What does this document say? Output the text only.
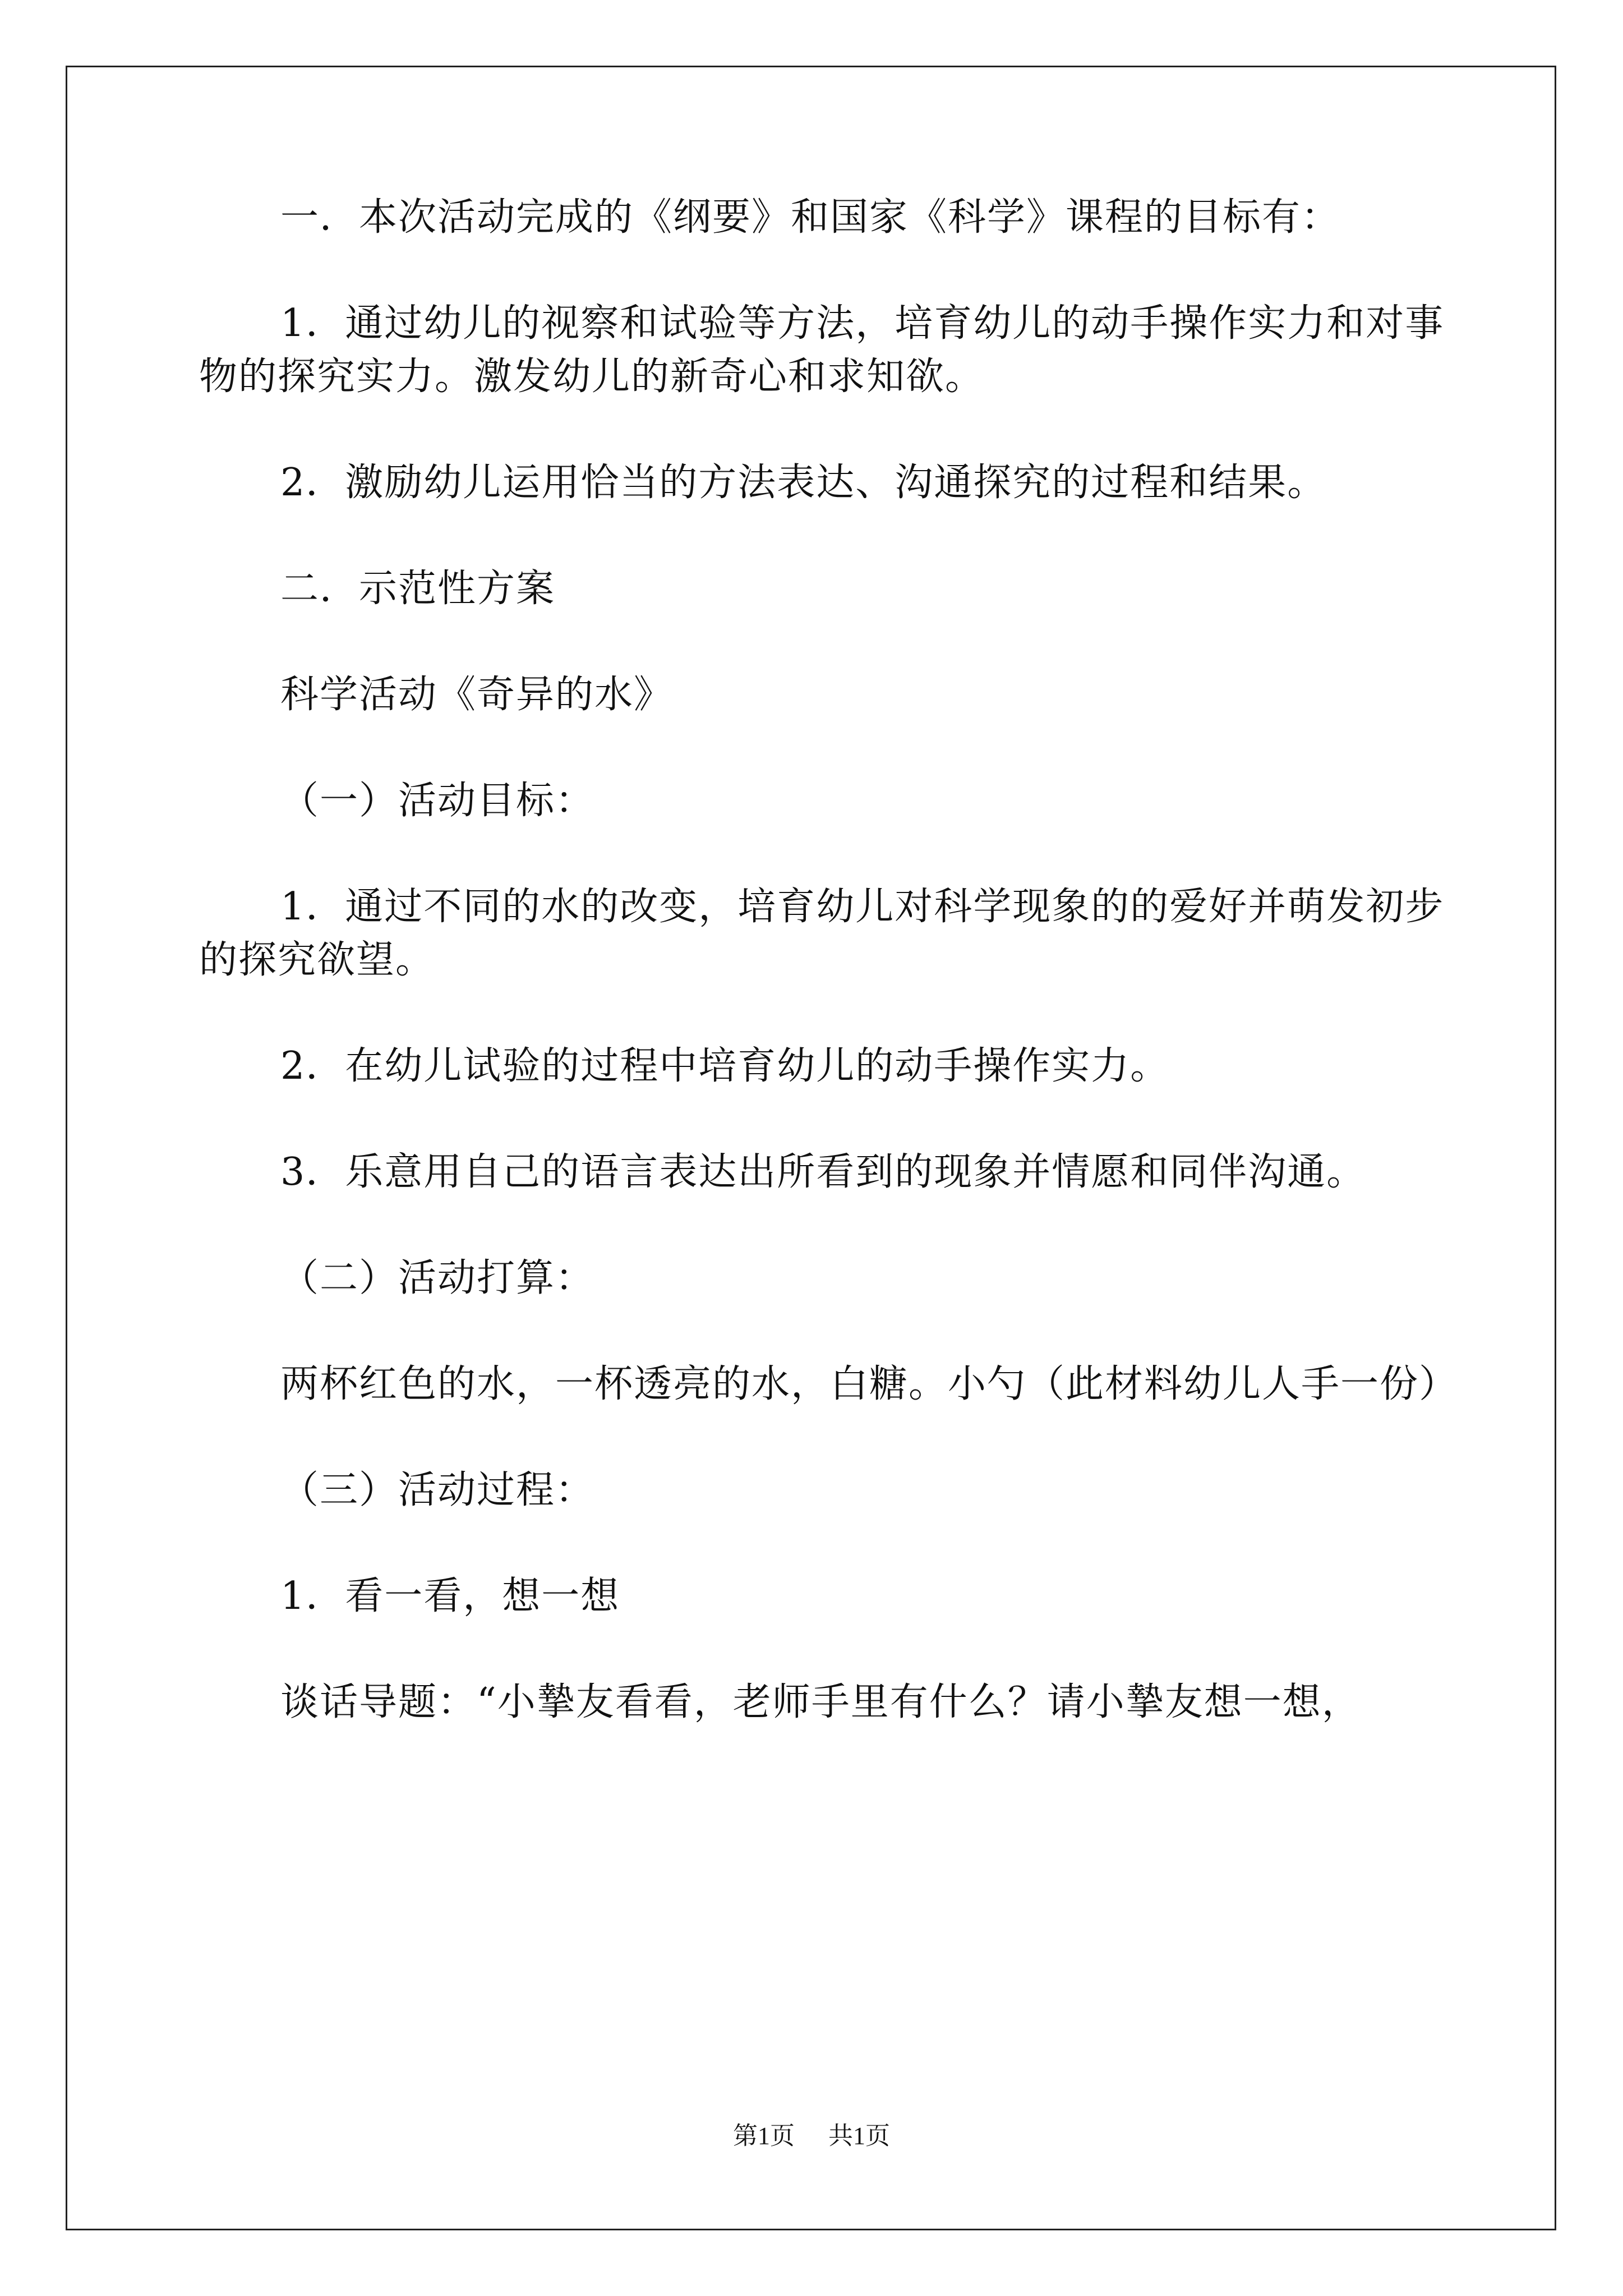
一．本次活动完成的《纲要》和国家《科学》课程的目标有：

1．通过幼儿的视察和试验等方法，培育幼儿的动手操作实力和对事物的探究实力。激发幼儿的新奇心和求知欲。

2．激励幼儿运用恰当的方法表达、沟通探究的过程和结果。

二．示范性方案

科学活动《奇异的水》

（一）活动目标：

1．通过不同的水的改变，培育幼儿对科学现象的的爱好并萌发初步的探究欲望。

2．在幼儿试验的过程中培育幼儿的动手操作实力。

3．乐意用自己的语言表达出所看到的现象并情愿和同伴沟通。

（二）活动打算：

两杯红色的水，一杯透亮的水，白糖。小勺（此材料幼儿人手一份）

（三）活动过程：

1．看一看，想一想

谈话导题：“小摯友看看，老师手里有什么？请小摯友想一想，

第1页 共1页
